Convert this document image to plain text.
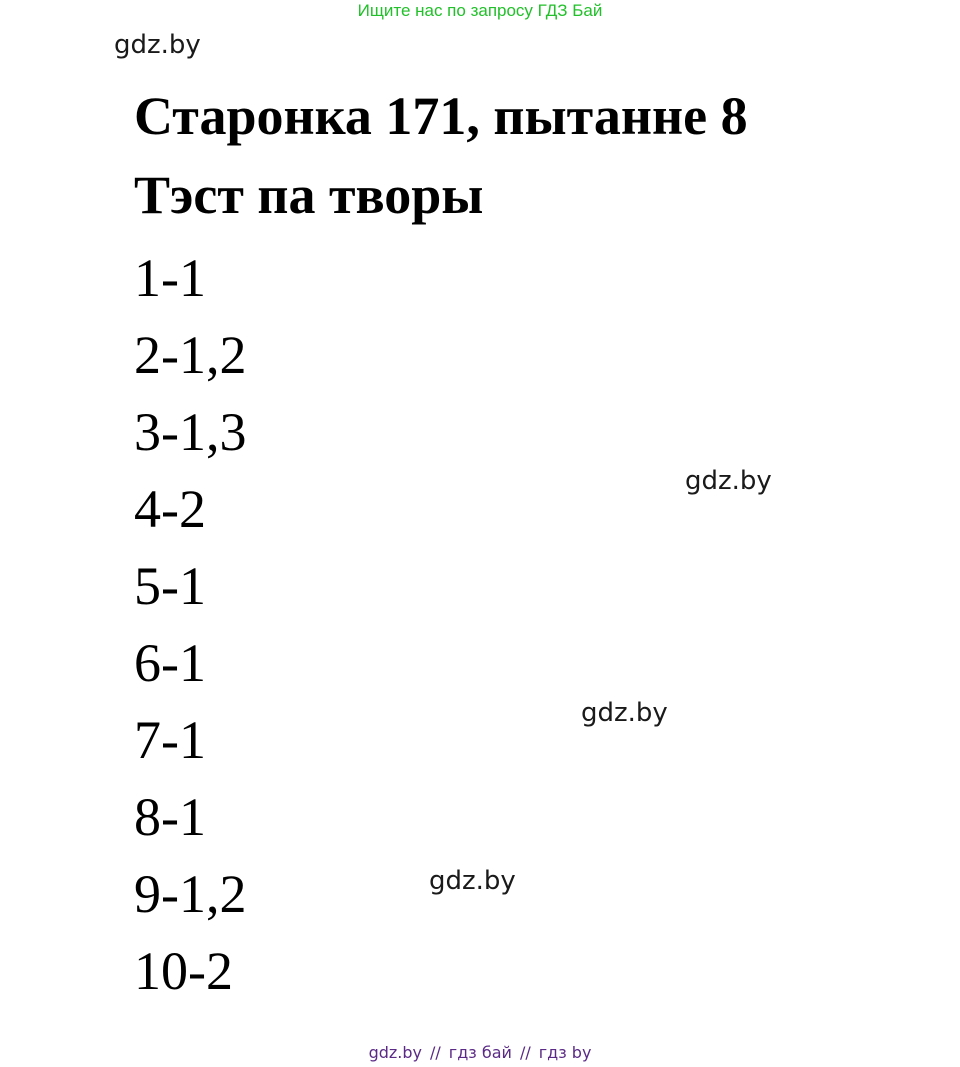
Ищите нас по запросу ГДЗ Бай
gdz.by
gdz.by
gdz.by
gdz.by
Старонка 171, пытанне 8
Тэст па творы
1-1
2-1,2
3-1,3
4-2
5-1
6-1
7-1
8-1
9-1,2
10-2
gdz.by // гдз бай // гдз by
